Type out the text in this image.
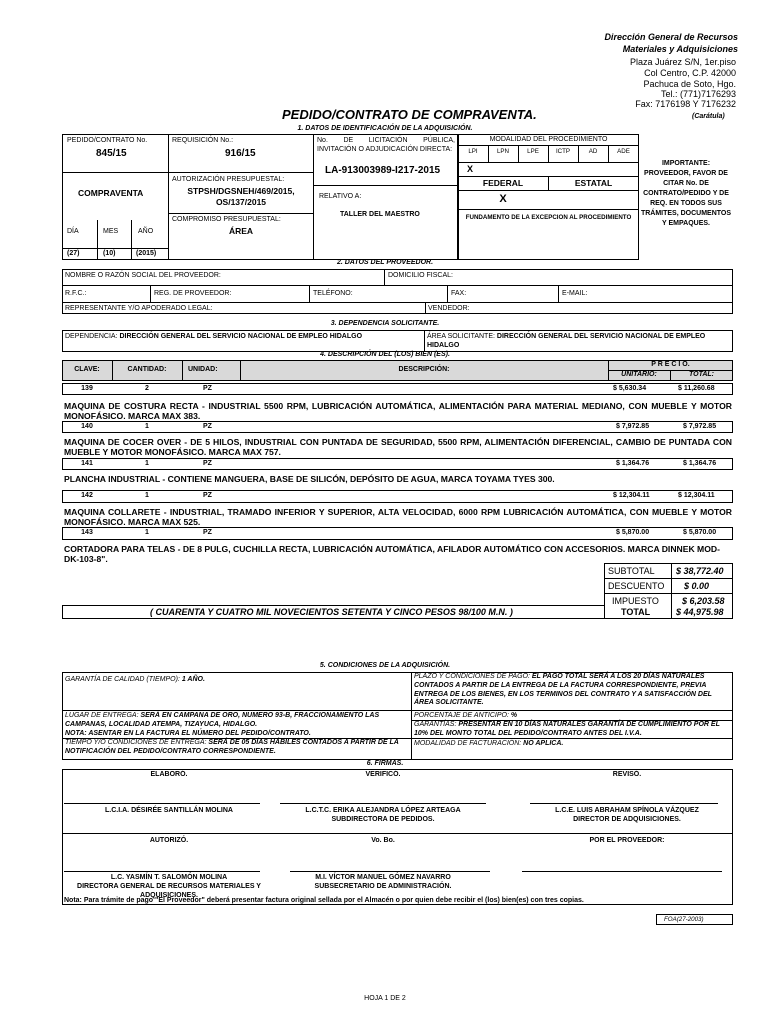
Dirección General de Recursos
Materiales y Adquisiciones
Plaza Juárez S/N, 1er.piso
Col Centro, C.P. 42000
Pachuca de Soto, Hgo.
Tel.: (771)7176293
Fax: 7176198 Y 7176232
PEDIDO/CONTRATO DE COMPRAVENTA.	(Carátula)
1. DATOS DE IDENTIFICACIÓN DE LA ADQUISICIÓN.
PEDIDO/CONTRATO No.
845/15
REQUISICIÓN No.:
916/15
No. DE LICITACIÓN PÚBLICA, INVITACIÓN O ADJUDICACIÓN DIRECTA:
LA-913003989-I217-2015
COMPRAVENTA
AUTORIZACIÓN PRESUPUESTAL:
STPSH/DGSNEH/469/2015,
OS/137/2015
COMPROMISO PRESUPUESTAL:
ÁREA
RELATIVO A:
TALLER DEL MAESTRO
DÍA	MES	AÑO
(27)	(10)	(2015)
MODALIDAD DEL PROCEDIMIENTO
LPI	LPN	LPE	ICTP	AD	ADE
X
FEDERAL	ESTATAL
X
FUNDAMENTO DE LA EXCEPCION AL PROCEDIMIENTO
IMPORTANTE: PROVEEDOR, FAVOR DE CITAR No. DE CONTRATO/PEDIDO Y DE REQ. EN TODOS SUS TRÁMITES, DOCUMENTOS Y EMPAQUES.
2. DATOS DEL PROVEEDOR.
NOMBRE O RAZÓN SOCIAL DEL PROVEEDOR:	DOMICILIO FISCAL:
R.F.C.:	REG. DE PROVEEDOR:	TELÉFONO:	FAX:	E-MAIL:
REPRESENTANTE Y/O APODERADO LEGAL:	VENDEDOR:
3. DEPENDENCIA SOLICITANTE.
DEPENDENCIA: DIRECCIÓN GENERAL DEL SERVICIO NACIONAL DE EMPLEO HIDALGO	ÁREA SOLICITANTE: DIRECCIÓN GENERAL DEL SERVICIO NACIONAL DE EMPLEO HIDALGO
4. DESCRIPCIÓN DEL (LOS) BIEN (ES).
CLAVE:	CANTIDAD:	UNIDAD:	DESCRIPCIÓN:
P R E C I O.
UNITARIO:	TOTAL:
139	2	PZ	$ 5,630.34	$ 11,260.68
MAQUINA DE COSTURA RECTA - INDUSTRIAL 5500 RPM, LUBRICACIÓN AUTOMÁTICA, ALIMENTACIÓN PARA MATERIAL MEDIANO, CON MUEBLE Y MOTOR MONOFÁSICO. MARCA MAX 383.
140	1	PZ	$ 7,972.85	$ 7,972.85
MAQUINA DE COCER OVER - DE 5 HILOS, INDUSTRIAL CON PUNTADA DE SEGURIDAD, 5500 RPM, ALIMENTACIÓN DIFERENCIAL, CAMBIO DE PUNTADA CON MUEBLE Y MOTOR MONOFÁSICO. MARCA MAX 757.
141	1	PZ	$ 1,364.76	$ 1,364.76
PLANCHA INDUSTRIAL - CONTIENE MANGUERA, BASE DE SILICÓN, DEPÓSITO DE AGUA, MARCA TOYAMA TYES 300.
142	1	PZ	$ 12,304.11	$ 12,304.11
MAQUINA COLLARETE - INDUSTRIAL, TRAMADO INFERIOR Y SUPERIOR, ALTA VELOCIDAD, 6000 RPM LUBRICACIÓN AUTOMÁTICA, CON MUEBLE Y MOTOR MONOFÁSICO. MARCA MAX 525.
143	1	PZ	$ 5,870.00	$ 5,870.00
CORTADORA PARA TELAS - DE 8 PULG, CUCHILLA RECTA, LUBRICACIÓN AUTOMÁTICA, AFILADOR AUTOMÁTICO CON ACCESORIOS. MARCA DINNEK MOD-DK-103-8".
SUBTOTAL $ 38,772.40
DESCUENTO $ 0.00
IMPUESTO	$ 6,203.58
TOTAL	$ 44,975.98
( CUARENTA Y CUATRO MIL NOVECIENTOS SETENTA Y CINCO PESOS 98/100 M.N. )
5. CONDICIONES DE LA ADQUISICIÓN.
GARANTÍA DE CALIDAD (TIEMPO): 1 AÑO.	PLAZO Y CONDICIONES DE PAGO: EL PAGO TOTAL SERÁ A LOS 20 DÍAS NATURALES CONTADOS A PARTIR DE LA ENTREGA DE LA FACTURA CORRESPONDIENTE, PREVIA ENTREGA DE LOS BIENES, EN LOS TERMINOS DEL CONTRATO Y A SATISFACCIÓN DEL ÁREA SOLICITANTE.
PORCENTAJE DE ANTICIPO: %
LUGAR DE ENTREGA: SERÁ EN CAMPANA DE ORO, NUMERO 93-B, FRACCIONAMIENTO LAS CAMPANAS, LOCALIDAD ATEMPA, TIZAYUCA, HIDALGO.
NOTA: ASENTAR EN LA FACTURA EL NÚMERO DEL PEDIDO/CONTRATO.
GARANTÍAS: PRESENTAR EN 10 DÍAS NATURALES GARANTÍA DE CUMPLIMIENTO POR EL 10% DEL MONTO TOTAL DEL PEDIDO/CONTRATO ANTES DEL I.V.A.
TIEMPO Y/O CONDICIONES DE ENTREGA: SERÁ DE 05 DÍAS HÁBILES CONTADOS A PARTIR DE LA NOTIFICACIÓN DEL PEDIDO/CONTRATO CORRESPONDIENTE.
MODALIDAD DE FACTURACIÓN: NO APLICA.
6. FIRMAS.
ELABORÓ.	VERIFICÓ.	REVISÓ.
L.C.I.A. DÉSIRÉE SANTILLÁN MOLINA	L.C.T.C. ERIKA ALEJANDRA LÓPEZ ARTEAGA
SUBDIRECTORA DE PEDIDOS.
L.C.E. LUIS ABRAHAM SPÍNOLA VÁZQUEZ
DIRECTOR DE ADQUISICIONES.
AUTORIZÓ.	Vo. Bo.	POR EL PROVEEDOR:
L.C. YASMÍN T. SALOMÓN MOLINA
DIRECTORA GENERAL DE RECURSOS MATERIALES Y ADQUISICIONES.
M.I. VÍCTOR MANUEL GÓMEZ NAVARRO
SUBSECRETARIO DE ADMINISTRACIÓN.
Nota: Para trámite de pago "El Proveedor" deberá presentar factura original sellada por el Almacén o por quien debe recibir el (los) bien(es) con tres copias.
FOA(27-2003)
HOJA 1 DE 2
